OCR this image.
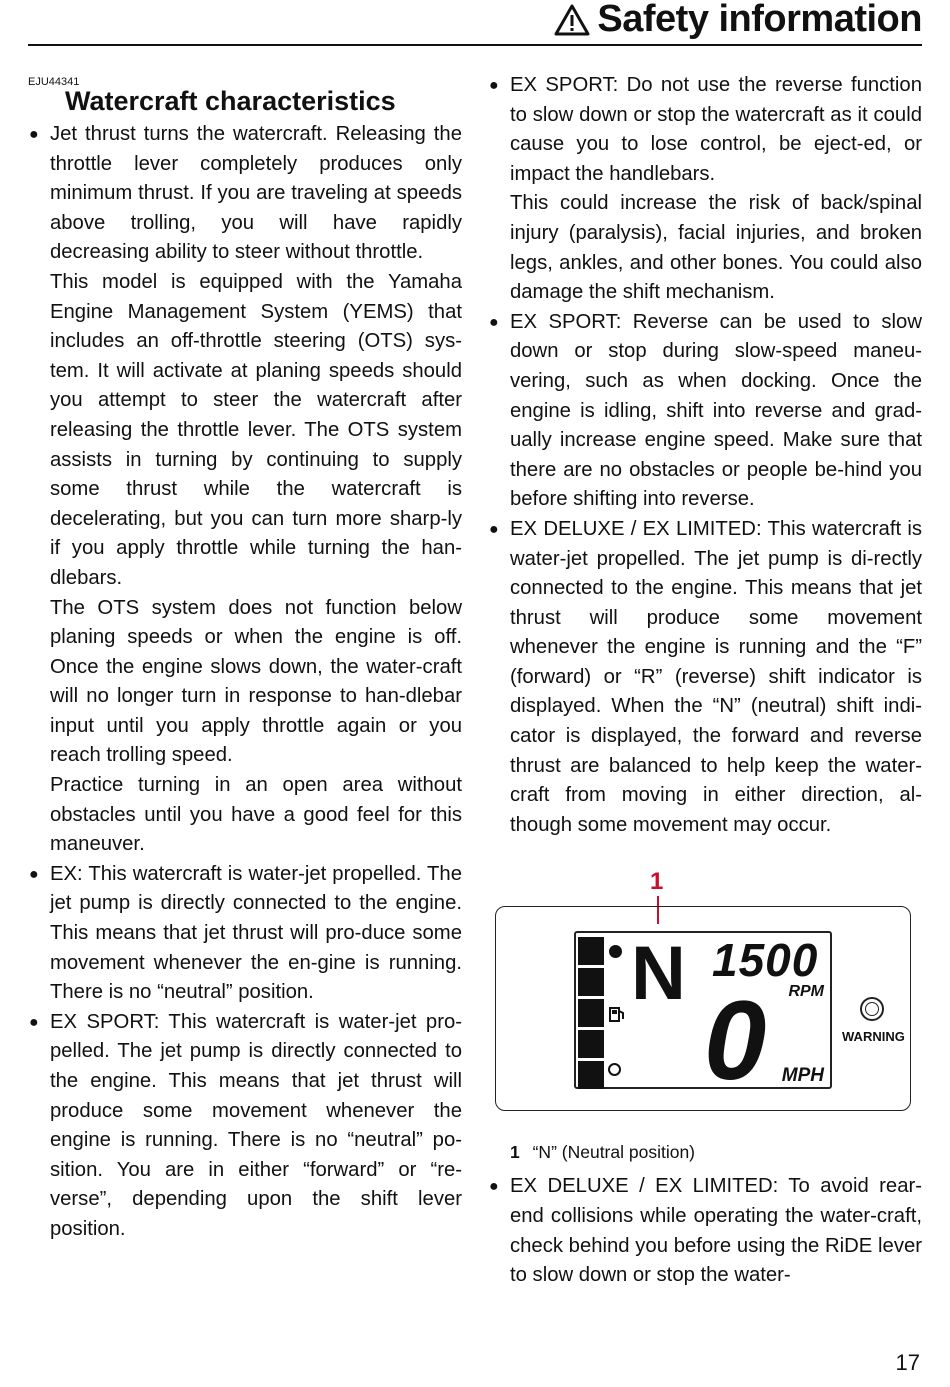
Safety information
EJU44341
Watercraft characteristics

● Jet thrust turns the watercraft. Releasing the throttle lever completely produces only minimum thrust. If you are traveling at speeds above trolling, you will have rapidly decreasing ability to steer without throttle.

This model is equipped with the Yamaha Engine Management System (YEMS) that includes an off-throttle steering (OTS) sys-tem. It will activate at planing speeds should you attempt to steer the watercraft after releasing the throttle lever. The OTS system assists in turning by continuing to supply some thrust while the watercraft is decelerating, but you can turn more sharp-ly if you apply throttle while turning the han-dlebars.

The OTS system does not function below planing speeds or when the engine is off. Once the engine slows down, the water-craft will no longer turn in response to han-dlebar input until you apply throttle again or you reach trolling speed.

Practice turning in an open area without obstacles until you have a good feel for this maneuver.

● EX: This watercraft is water-jet propelled. The jet pump is directly connected to the engine. This means that jet thrust will pro-duce some movement whenever the en-gine is running. There is no “neutral” position.

● EX SPORT: This watercraft is water-jet pro-pelled. The jet pump is directly connected to the engine. This means that jet thrust will produce some movement whenever the engine is running. There is no “neutral” po-sition. You are in either “forward” or “re-verse”, depending upon the shift lever position.

● EX SPORT: Do not use the reverse function to slow down or stop the watercraft as it could cause you to lose control, be eject-ed, or impact the handlebars.

This could increase the risk of back/spinal injury (paralysis), facial injuries, and broken legs, ankles, and other bones. You could also damage the shift mechanism.

● EX SPORT: Reverse can be used to slow down or stop during slow-speed maneu-vering, such as when docking. Once the engine is idling, shift into reverse and grad-ually increase engine speed. Make sure that there are no obstacles or people be-hind you before shifting into reverse.

● EX DELUXE / EX LIMITED: This watercraft is water-jet propelled. The jet pump is di-rectly connected to the engine. This means that jet thrust will produce some movement whenever the engine is running and the “F” (forward) or “R” (reverse) shift indicator is displayed. When the “N” (neutral) shift indi-cator is displayed, the forward and reverse thrust are balanced to help keep the water-craft from moving in either direction, al-though some movement may occur.

1
N 1500
RPM
0 MPH
WARNING
1 “N” (Neutral position)

● EX DELUXE / EX LIMITED: To avoid rear-end collisions while operating the water-craft, check behind you before using the RiDE lever to slow down or stop the water-

17
